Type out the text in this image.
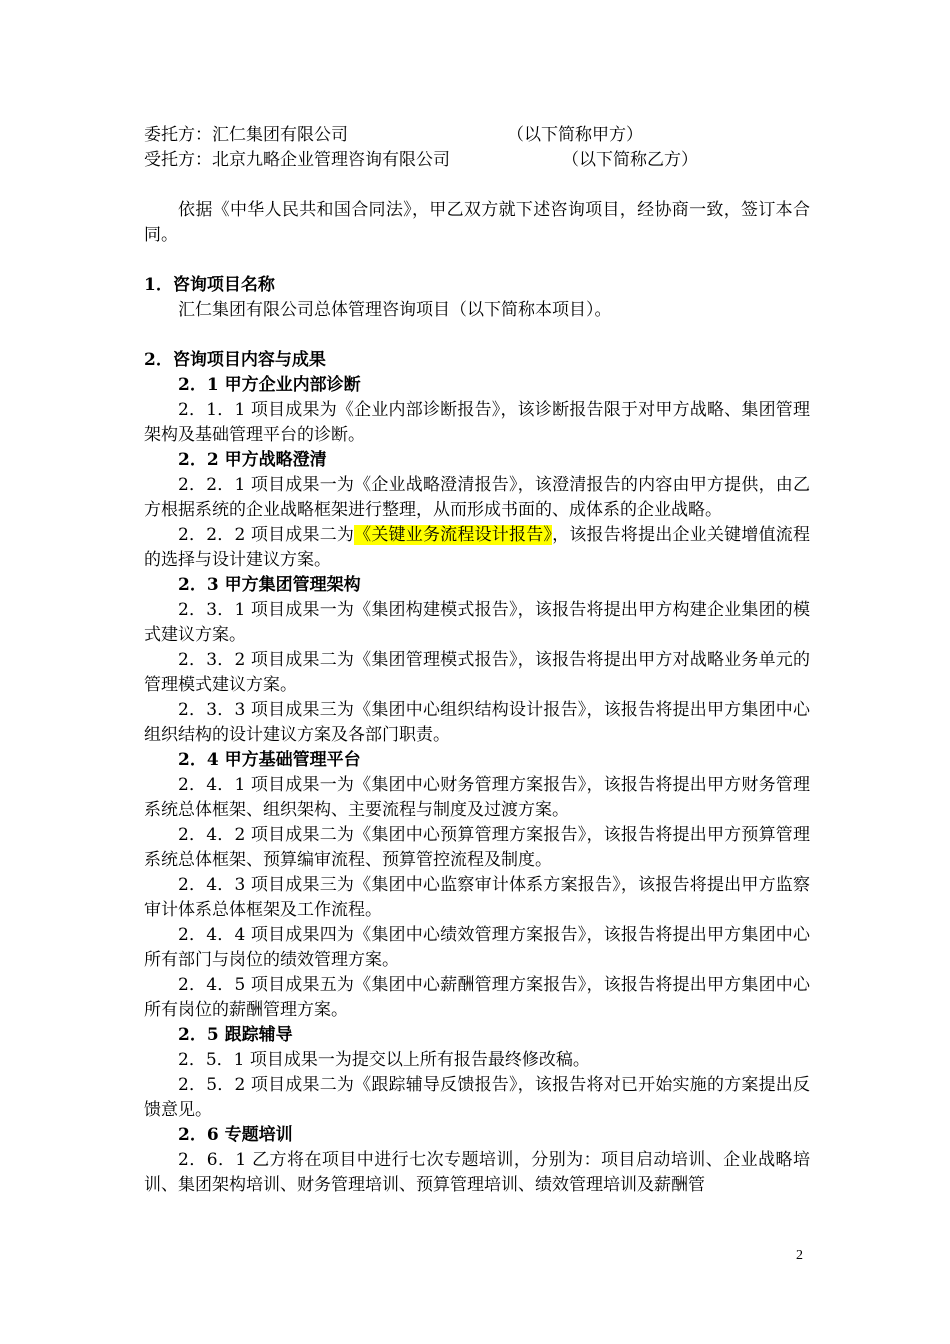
委托方：汇仁集团有限公司	（以下简称甲方）
受托方：北京九略企业管理咨询有限公司	（以下简称乙方）

依据《中华人民共和国合同法》，甲乙双方就下述咨询项目，经协商一致，签订本合同。

1．咨询项目名称

汇仁集团有限公司总体管理咨询项目（以下简称本项目）。

2．咨询项目内容与成果

2．1 甲方企业内部诊断

2．1．1 项目成果为《企业内部诊断报告》，该诊断报告限于对甲方战略、集团管理架构及基础管理平台的诊断。

2．2 甲方战略澄清

2．2．1 项目成果一为《企业战略澄清报告》，该澄清报告的内容由甲方提供，由乙方根据系统的企业战略框架进行整理，从而形成书面的、成体系的企业战略。

2．2．2 项目成果二为《关键业务流程设计报告》，该报告将提出企业关键增值流程的选择与设计建议方案。

2．3 甲方集团管理架构

2．3．1 项目成果一为《集团构建模式报告》，该报告将提出甲方构建企业集团的模式建议方案。

2．3．2 项目成果二为《集团管理模式报告》，该报告将提出甲方对战略业务单元的管理模式建议方案。

2．3．3 项目成果三为《集团中心组织结构设计报告》，该报告将提出甲方集团中心组织结构的设计建议方案及各部门职责。

2．4 甲方基础管理平台

2．4．1 项目成果一为《集团中心财务管理方案报告》，该报告将提出甲方财务管理系统总体框架、组织架构、主要流程与制度及过渡方案。

2．4．2 项目成果二为《集团中心预算管理方案报告》，该报告将提出甲方预算管理系统总体框架、预算编审流程、预算管控流程及制度。

2．4．3 项目成果三为《集团中心监察审计体系方案报告》，该报告将提出甲方监察审计体系总体框架及工作流程。

2．4．4 项目成果四为《集团中心绩效管理方案报告》，该报告将提出甲方集团中心所有部门与岗位的绩效管理方案。

2．4．5 项目成果五为《集团中心薪酬管理方案报告》，该报告将提出甲方集团中心所有岗位的薪酬管理方案。

2．5 跟踪辅导

2．5．1 项目成果一为提交以上所有报告最终修改稿。

2．5．2 项目成果二为《跟踪辅导反馈报告》，该报告将对已开始实施的方案提出反馈意见。

2．6 专题培训

2．6．1 乙方将在项目中进行七次专题培训，分别为：项目启动培训、企业战略培训、集团架构培训、财务管理培训、预算管理培训、绩效管理培训及薪酬管

2
